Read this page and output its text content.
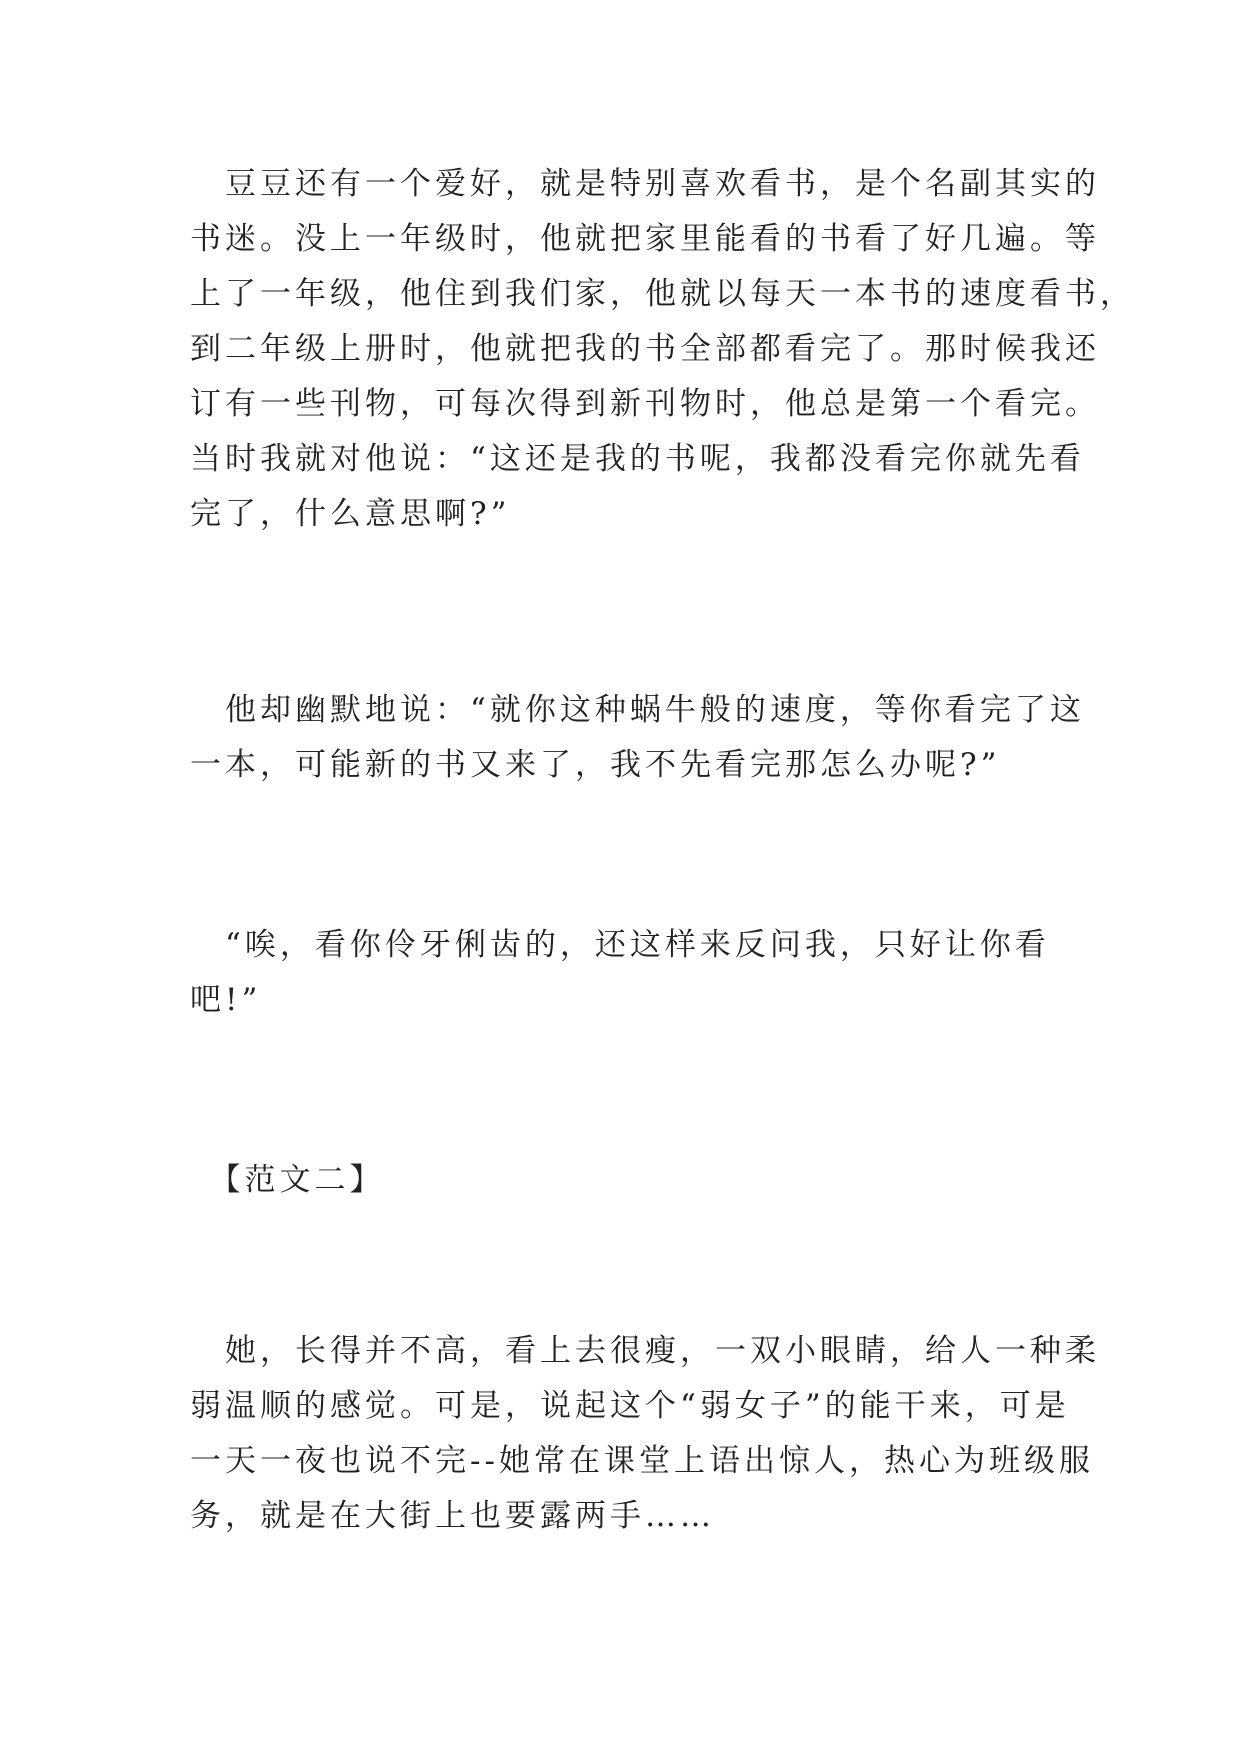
　豆豆还有一个爱好，就是特别喜欢看书，是个名副其实的
书迷。没上一年级时，他就把家里能看的书看了好几遍。等
上了一年级，他住到我们家，他就以每天一本书的速度看书，
到二年级上册时，他就把我的书全部都看完了。那时候我还
订有一些刊物，可每次得到新刊物时，他总是第一个看完。
当时我就对他说：“这还是我的书呢，我都没看完你就先看
完了，什么意思啊?”
　他却幽默地说：“就你这种蜗牛般的速度，等你看完了这
一本，可能新的书又来了，我不先看完那怎么办呢?”
　“唉，看你伶牙俐齿的，还这样来反问我，只好让你看
吧!”
　【范文二】
　她，长得并不高，看上去很瘦，一双小眼睛，给人一种柔
弱温顺的感觉。可是，说起这个“弱女子”的能干来，可是
一天一夜也说不完--她常在课堂上语出惊人，热心为班级服
务，就是在大街上也要露两手……
